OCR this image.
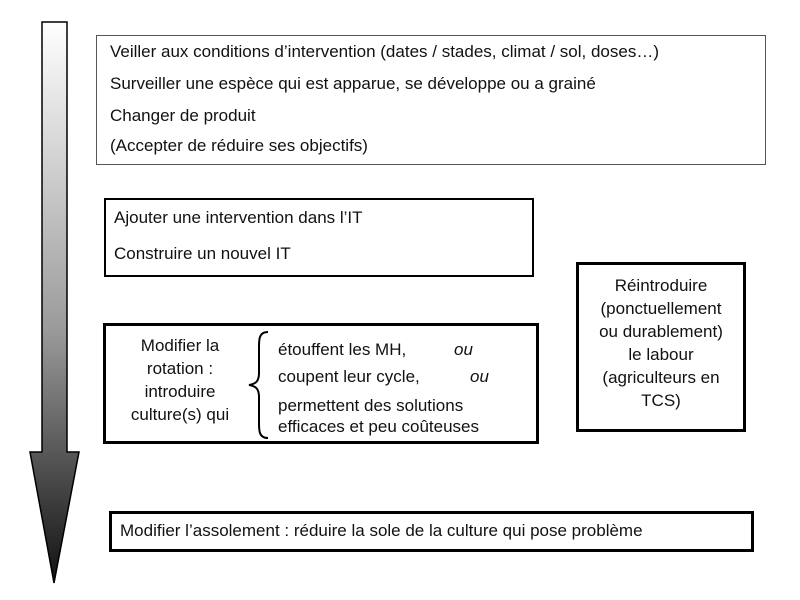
Veiller aux conditions d’intervention (dates / stades, climat / sol, doses…)
Surveiller une espèce qui est apparue, se développe ou a grainé
Changer de produit
(Accepter de réduire ses objectifs)
Ajouter une intervention dans l’IT
Construire un nouvel IT
Modifier la
rotation :
introduire
culture(s) qui
étouffent les MH,	ou
coupent leur cycle,	ou
permettent des solutions
efficaces et peu coûteuses
Réintroduire
(ponctuellement
ou durablement)
le labour
(agriculteurs en
TCS)
Modifier l’assolement : réduire la sole de la culture qui pose problème
